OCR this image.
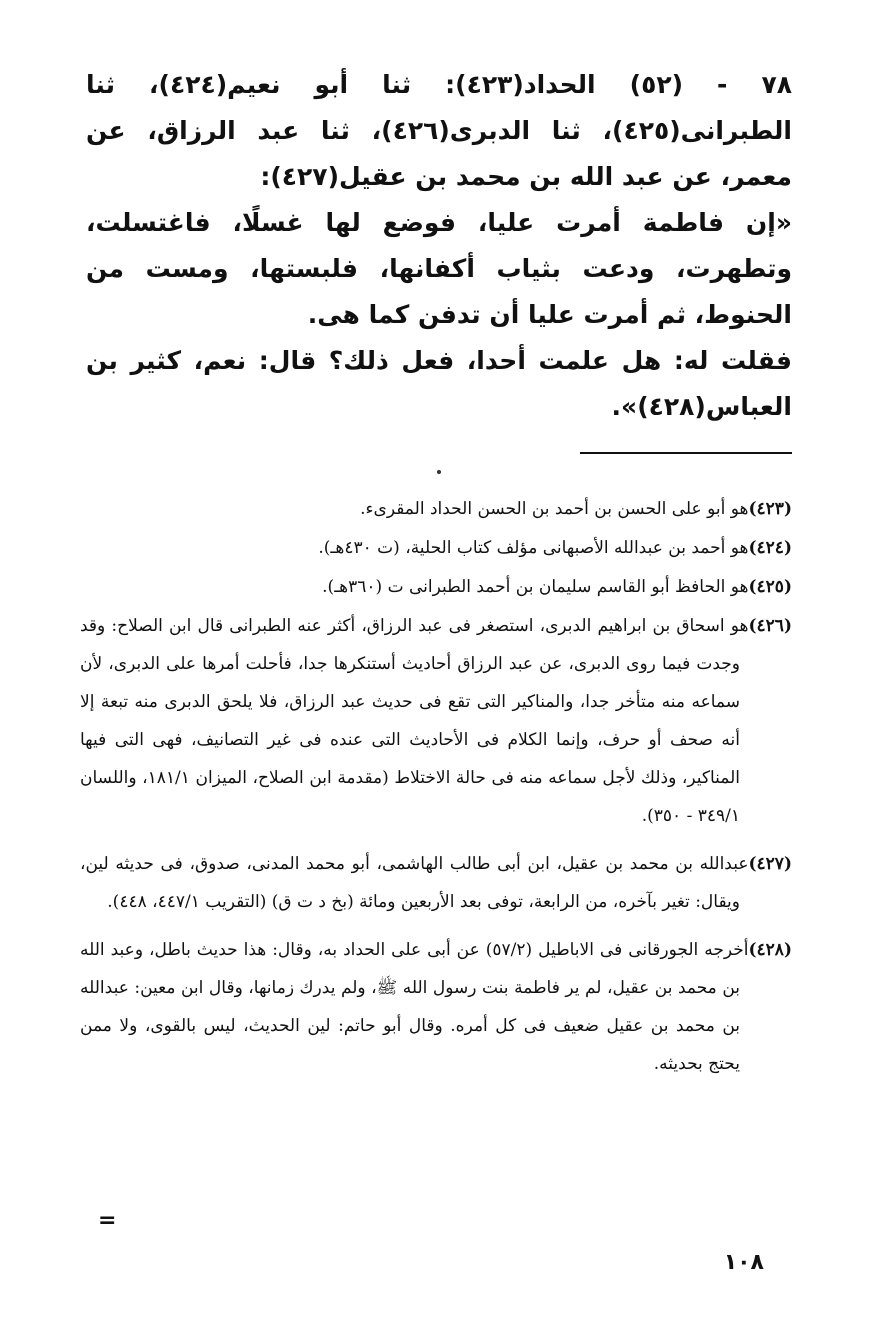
٧٨ - (٥٢) الحداد(٤٢٣): ثنا أبو نعيم(٤٢٤)، ثنا الطبرانى(٤٢٥)، ثنا الدبرى(٤٢٦)، ثنا عبد الرزاق، عن معمر، عن عبد الله بن محمد بن عقيل(٤٢٧):

«إن فاطمة أمرت عليا، فوضع لها غسلًا، فاغتسلت، وتطهرت، ودعت بثياب أكفانها، فلبستها، ومست من الحنوط، ثم أمرت عليا أن تدفن كما هى.

فقلت له: هل علمت أحدا، فعل ذلك؟ قال: نعم، كثير بن العباس(٤٢٨)».

(٤٢٣)هو أبو على الحسن بن أحمد بن الحسن الحداد المقرىء.

(٤٢٤)هو أحمد بن عبدالله الأصبهانى مؤلف كتاب الحلية، (ت ٤٣٠هـ).

(٤٢٥)هو الحافظ أبو القاسم سليمان بن أحمد الطبرانى ت (٣٦٠هـ).

(٤٢٦)هو اسحاق بن ابراهيم الدبرى، استصغر فى عبد الرزاق، أكثر عنه الطبرانى قال ابن الصلاح: وقد وجدت فيما روى الدبرى، عن عبد الرزاق أحاديث أستنكرها جدا، فأحلت أمرها على الدبرى، لأن سماعه منه متأخر جدا، والمناكير التى تقع فى حديث عبد الرزاق، فلا يلحق الدبرى منه تبعة إلا أنه صحف أو حرف، وإنما الكلام فى الأحاديث التى عنده فى غير التصانيف، فهى التى فيها المناكير، وذلك لأجل سماعه منه فى حالة الاختلاط (مقدمة ابن الصلاح، الميزان ١٨١/١، واللسان ٣٤٩/١ - ٣٥٠).

(٤٢٧)عبدالله بن محمد بن عقيل، ابن أبى طالب الهاشمى، أبو محمد المدنى، صدوق، فى حديثه لين، ويقال: تغير بآخره، من الرابعة، توفى بعد الأربعين ومائة (بخ د ت ق) (التقريب ٤٤٧/١، ٤٤٨).

(٤٢٨)أخرجه الجورقانى فى الاباطيل (٥٧/٢) عن أبى على الحداد به، وقال: هذا حديث باطل، وعبد الله بن محمد بن عقيل، لم ير فاطمة بنت رسول الله ﷺ، ولم يدرك زمانها، وقال ابن معين: عبدالله بن محمد بن عقيل ضعيف فى كل أمره. وقال أبو حاتم: لين الحديث، ليس بالقوى، ولا ممن يحتج بحديثه.

=
١٠٨
